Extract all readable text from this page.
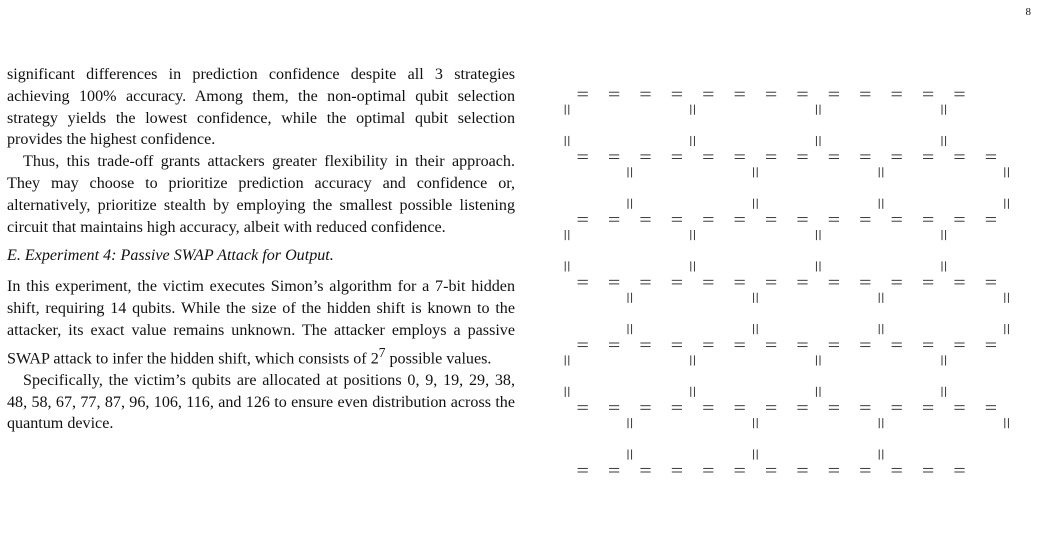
8

significant differences in prediction confidence despite all 3 strategies achieving 100% accuracy. Among them, the non-optimal qubit selection strategy yields the lowest confidence, while the optimal qubit selection provides the highest confidence.

Thus, this trade-off grants attackers greater flexibility in their approach. They may choose to prioritize prediction accuracy and confidence or, alternatively, prioritize stealth by employing the smallest possible listening circuit that maintains high accuracy, albeit with reduced confidence.

E. Experiment 4: Passive SWAP Attack for Output.

In this experiment, the victim executes Simon’s algorithm for a 7-bit hidden shift, requiring 14 qubits. While the size of the hidden shift is known to the attacker, its exact value remains unknown. The attacker employs a passive SWAP attack to infer the hidden shift, which consists of $2^7$ possible values.

Specifically, the victim’s qubits are allocated at positions 0, 9, 19, 29, 38, 48, 58, 67, 77, 87, 96, 106, 116, and 126 to ensure even distribution across the quantum device.
